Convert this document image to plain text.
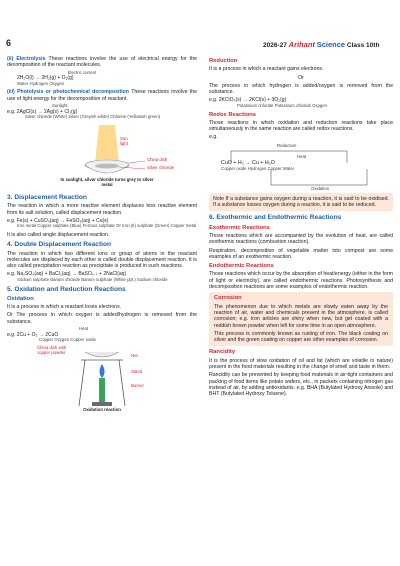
6	2026-27 Arihant Science Class 10th

(ii) Electrolysis These reactions involve the use of electrical energy for the decomposition of the reactant molecules.

Electric current
2H₂O(l) → 2H₂(g) + O₂(g)
Water Hydrogen Oxygen

(iii) Photolysis or photochemical decomposition These reactions involve the use of light energy for the decomposition of reactant.

Sunlight
e.g. 2AgCl(s) → 2Ag(s) + Cl₂(g)
Silver chloride (White) Silver (Greyish white) Chlorine (Yellowish green)
Sun light
China dish
Silver chloride
In sunlight, silver chloride turns grey to silver metal
3. Displacement Reaction

The reaction in which a more reactive element displaces less reactive element from its salt solution, called displacement reaction.

e.g. Fe(s) + CuSO₄(aq) → FeSO₄(aq) + Cu(s)
Iron metal Copper sulphate (Blue) Ferrous sulphate Or Iron (II) sulphate (Green) Copper metal

It is also called single displacement reaction.

4. Double Displacement Reaction

The reaction in which two different ions or group of atoms in the reactant molecules are displaced by each other is called double displacement reaction. It is also called precipitation reaction as precipitate is produced in such reactions.

e.g. Na₂SO₄(aq) + BaCl₂(aq) → BaSO₄ ↓ + 2NaCl(aq)
Sodium sulphate Barium chloride Barium sulphate (White ppt.) Sodium chloride
5. Oxidation and Reduction Reactions
Oxidation

It is a process in which a reactant loses electrons.

Or The process in which oxygen is added/hydrogen is removed from the substance.

Heat
e.g. 2Cu + O₂ → 2CuO
Copper Oxygen Copper oxide
China dish with copper powder
Net
Stand
Burner
Oxidation reaction
Reduction

It is a process in which a reactant gains electrons.

Or

The process in which hydrogen is added/oxygen is removed from the substance.

e.g. 2KClO₃(s) → 2KCl(s) + 3O₂(g)
Potassium chlorate Potassium chloride Oxygen
Redox Reactions

Those reactions in which oxidation and reduction reactions take place simultaneously in the same reaction are called redox reactions.

e.g.

Reduction
CuO + H₂ → Cu + H₂O
Copper oxide Hydrogen Copper Water
Heat
Oxidation

Note If a substance gains oxygen during a reaction, it is said to be oxidised. If a substance losses oxygen during a reaction, it is said to be reduced.

6. Exothermic and Endothermic Reactions
Exothermic Reactions

Those reactions which are accompanied by the evolution of heat, are called exothermic reactions (combustion reaction).

Respiration, decomposition of vegetable matter into compost are some examples of an exothermic reaction.

Endothermic Reactions

Those reactions which occur by the absorption of heat/energy (either in the form of light or electricity), are called endothermic reactions. Photosynthesis and decomposition reactions are some examples of endothermic reaction.

Corrosion

The phenomenon due to which metals are slowly eaten away by the reaction of air, water and chemicals present in the atmosphere, is called corrosion; e.g. Iron articles are shiny when new, but get coated with a reddish brown powder when left for some time in an open atmosphere.

This process is commonly known as rusting of iron. The black coating on silver and the green coating on copper are other examples of corrosion.

Rancidity

It is the process of slow oxidation of oil and fat (which are volatile in nature) present in the food materials resulting in the change of smell and taste in them.

Rancidity can be prevented by keeping food materials in air-tight containers and packing of food items like potato wafers, etc., in packets containing nitrogen gas instead of air, by adding antioxidants. e.g. BHA (Butylated Hydroxy Anisole) and BHT (Butylated Hydroxy Toluene).
